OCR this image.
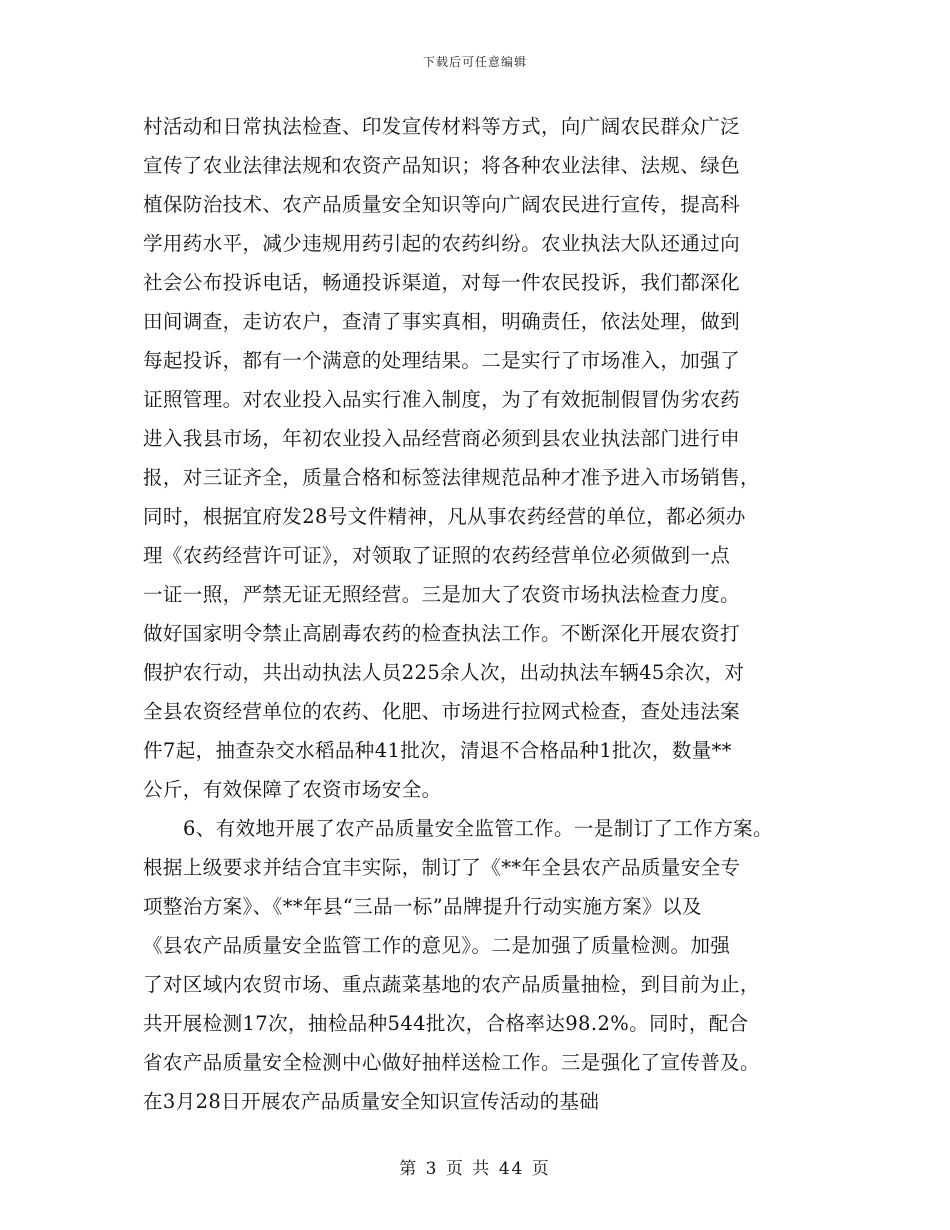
下载后可任意编辑
村活动和日常执法检查、印发宣传材料等方式，向广阔农民群众广泛
宣传了农业法律法规和农资产品知识；将各种农业法律、法规、绿色
植保防治技术、农产品质量安全知识等向广阔农民进行宣传，提高科
学用药水平，减少违规用药引起的农药纠纷。农业执法大队还通过向
社会公布投诉电话，畅通投诉渠道，对每一件农民投诉，我们都深化
田间调查，走访农户，查清了事实真相，明确责任，依法处理，做到
每起投诉，都有一个满意的处理结果。二是实行了市场准入，加强了
证照管理。对农业投入品实行准入制度，为了有效扼制假冒伪劣农药
进入我县市场，年初农业投入品经营商必须到县农业执法部门进行申
报，对三证齐全，质量合格和标签法律规范品种才准予进入市场销售，
同时，根据宜府发28号文件精神，凡从事农药经营的单位，都必须办
理《农药经营许可证》，对领取了证照的农药经营单位必须做到一点
一证一照，严禁无证无照经营。三是加大了农资市场执法检查力度。
做好国家明令禁止高剧毒农药的检查执法工作。不断深化开展农资打
假护农行动，共出动执法人员225余人次，出动执法车辆45余次，对
全县农资经营单位的农药、化肥、市场进行拉网式检查，查处违法案
件7起，抽查杂交水稻品种41批次，清退不合格品种1批次，数量**
公斤，有效保障了农资市场安全。
6、有效地开展了农产品质量安全监管工作。一是制订了工作方案。
根据上级要求并结合宜丰实际，制订了《**年全县农产品质量安全专
项整治方案》、《**年县“三品一标”品牌提升行动实施方案》以及
《县农产品质量安全监管工作的意见》。二是加强了质量检测。加强
了对区域内农贸市场、重点蔬菜基地的农产品质量抽检，到目前为止，
共开展检测17次，抽检品种544批次，合格率达98.2%。同时，配合
省农产品质量安全检测中心做好抽样送检工作。三是强化了宣传普及。
在3月28日开展农产品质量安全知识宣传活动的基础
第 3 页 共 44 页
